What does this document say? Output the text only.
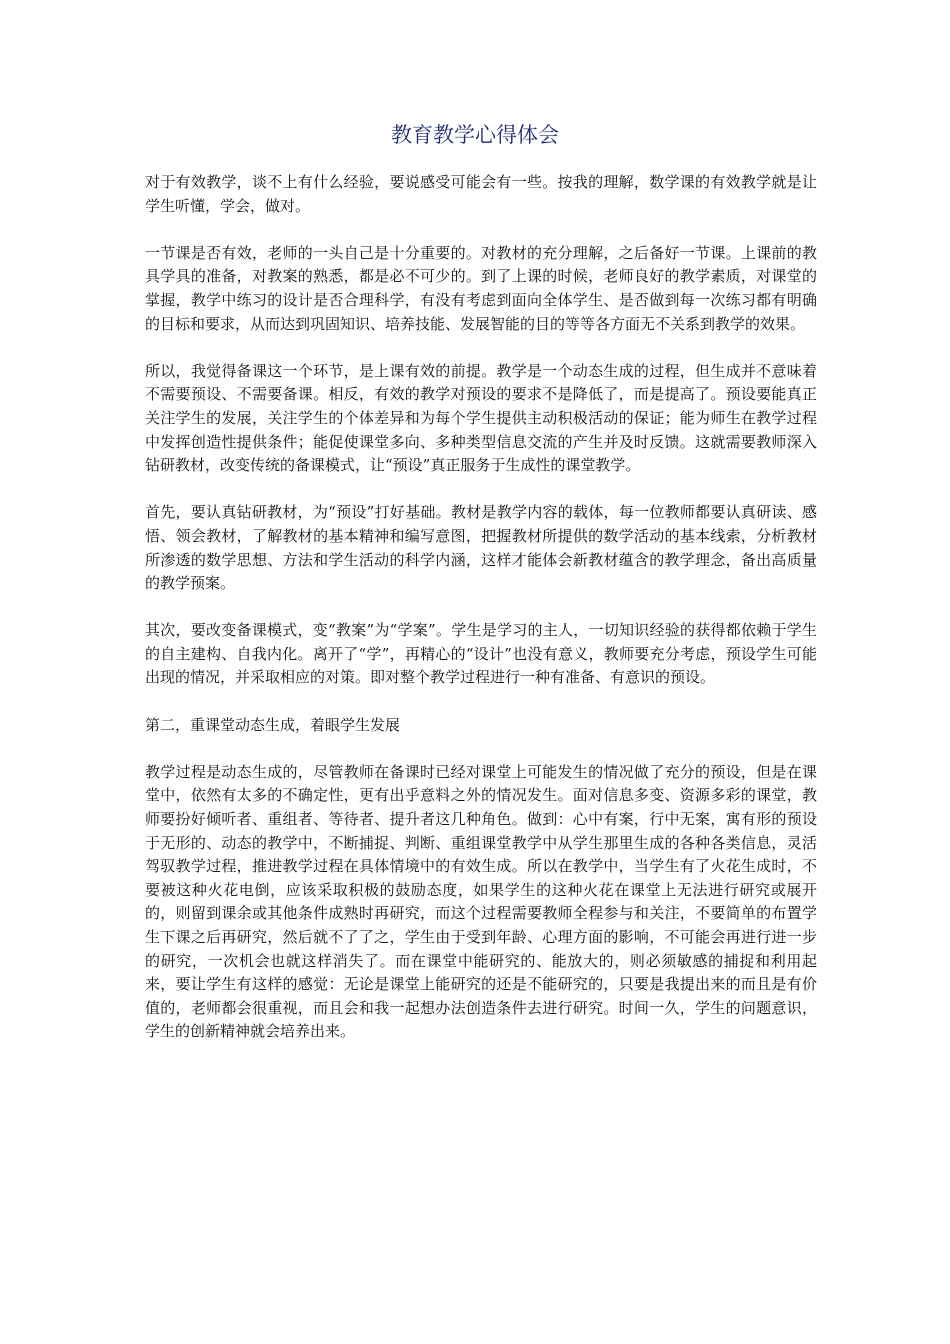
教育教学心得体会

对于有效教学，谈不上有什么经验，要说感受可能会有一些。按我的理解，数学课的有效教学就是让学生听懂，学会，做对。

一节课是否有效，老师的一头自己是十分重要的。对教材的充分理解，之后备好一节课。上课前的教具学具的准备，对教案的熟悉，都是必不可少的。到了上课的时候，老师良好的教学素质，对课堂的掌握，教学中练习的设计是否合理科学，有没有考虑到面向全体学生、是否做到每一次练习都有明确的目标和要求，从而达到巩固知识、培养技能、发展智能的目的等等各方面无不关系到教学的效果。

所以，我觉得备课这一个环节，是上课有效的前提。教学是一个动态生成的过程，但生成并不意味着不需要预设、不需要备课。相反，有效的教学对预设的要求不是降低了，而是提高了。预设要能真正关注学生的发展，关注学生的个体差异和为每个学生提供主动积极活动的保证；能为师生在教学过程中发挥创造性提供条件；能促使课堂多向、多种类型信息交流的产生并及时反馈。这就需要教师深入钻研教材，改变传统的备课模式，让“预设”真正服务于生成性的课堂教学。

首先，要认真钻研教材，为“预设”打好基础。教材是教学内容的载体，每一位教师都要认真研读、感悟、领会教材，了解教材的基本精神和编写意图，把握教材所提供的数学活动的基本线索，分析教材所渗透的数学思想、方法和学生活动的科学内涵，这样才能体会新教材蕴含的教学理念，备出高质量的教学预案。

其次，要改变备课模式，变“教案”为“学案”。学生是学习的主人，一切知识经验的获得都依赖于学生的自主建构、自我内化。离开了“学”，再精心的“设计”也没有意义，教师要充分考虑，预设学生可能出现的情况，并采取相应的对策。即对整个教学过程进行一种有准备、有意识的预设。

第二，重课堂动态生成，着眼学生发展

教学过程是动态生成的，尽管教师在备课时已经对课堂上可能发生的情况做了充分的预设，但是在课堂中，依然有太多的不确定性，更有出乎意料之外的情况发生。面对信息多变、资源多彩的课堂，教师要扮好倾听者、重组者、等待者、提升者这几种角色。做到：心中有案，行中无案，寓有形的预设于无形的、动态的教学中，不断捕捉、判断、重组课堂教学中从学生那里生成的各种各类信息，灵活驾驭教学过程，推进教学过程在具体情境中的有效生成。所以在教学中，当学生有了火花生成时，不要被这种火花电倒，应该采取积极的鼓励态度，如果学生的这种火花在课堂上无法进行研究或展开的，则留到课余或其他条件成熟时再研究，而这个过程需要教师全程参与和关注，不要简单的布置学生下课之后再研究，然后就不了了之，学生由于受到年龄、心理方面的影响，不可能会再进行进一步的研究，一次机会也就这样消失了。而在课堂中能研究的、能放大的，则必须敏感的捕捉和利用起来，要让学生有这样的感觉：无论是课堂上能研究的还是不能研究的，只要是我提出来的而且是有价值的，老师都会很重视，而且会和我一起想办法创造条件去进行研究。时间一久，学生的问题意识，学生的创新精神就会培养出来。
